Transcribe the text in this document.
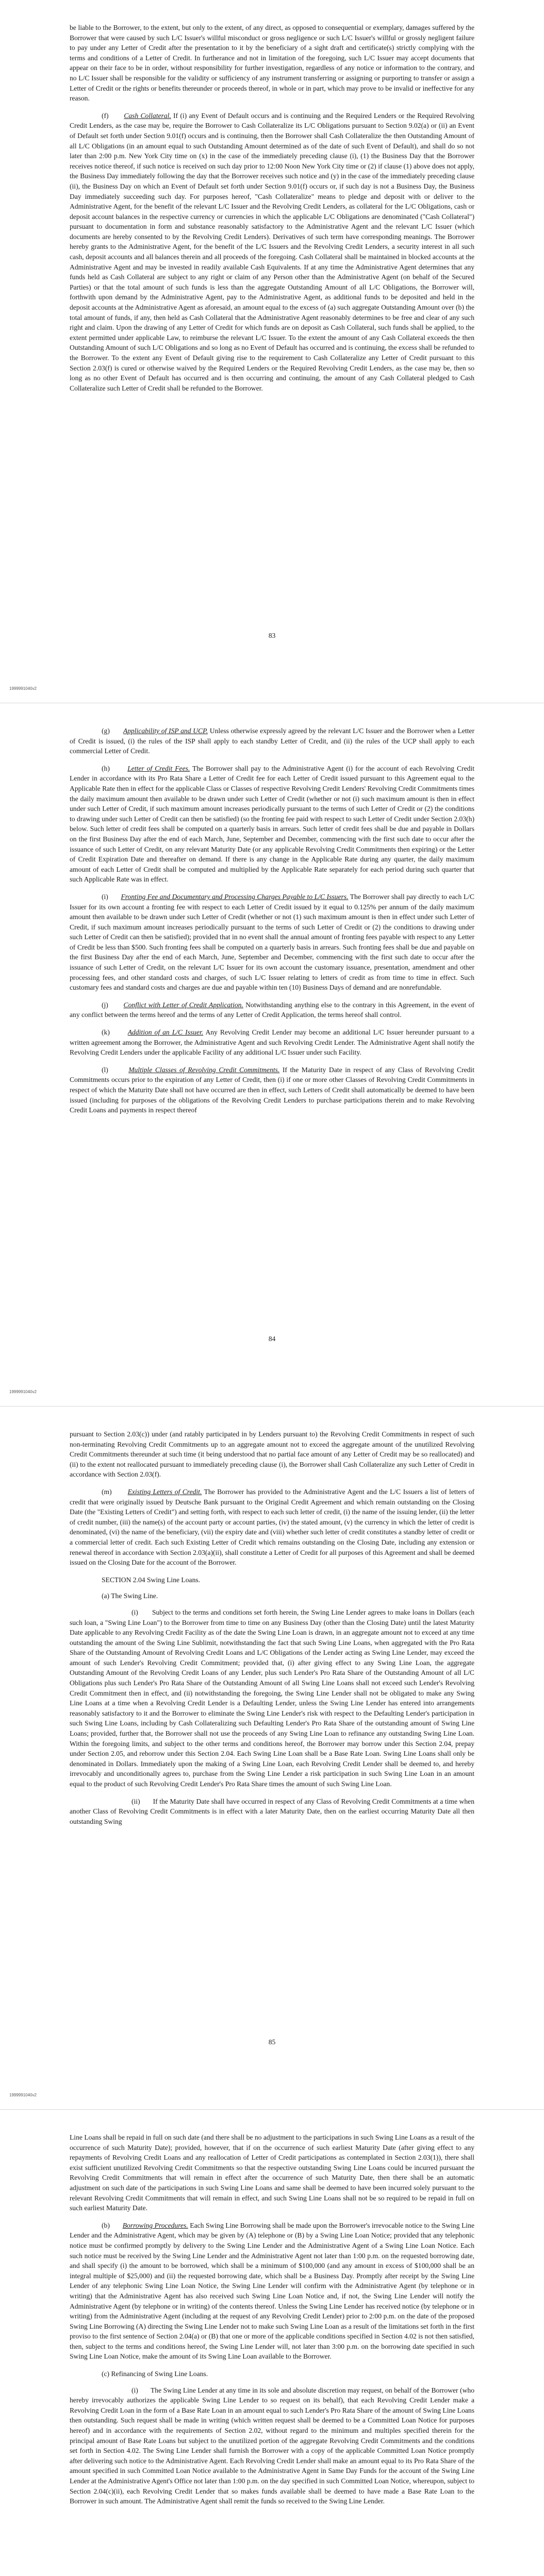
be liable to the Borrower, to the extent, but only to the extent, of any direct, as opposed to consequential or exemplary, damages suffered by the Borrower that were caused by such L/C Issuer's willful misconduct or gross negligence or such L/C Issuer's willful or grossly negligent failure to pay under any Letter of Credit after the presentation to it by the beneficiary of a sight draft and certificate(s) strictly complying with the terms and conditions of a Letter of Credit. In furtherance and not in limitation of the foregoing, such L/C Issuer may accept documents that appear on their face to be in order, without responsibility for further investigation, regardless of any notice or information to the contrary, and no L/C Issuer shall be responsible for the validity or sufficiency of any instrument transferring or assigning or purporting to transfer or assign a Letter of Credit or the rights or benefits thereunder or proceeds thereof, in whole or in part, which may prove to be invalid or ineffective for any reason.

(f) Cash Collateral. If (i) any Event of Default occurs and is continuing and the Required Lenders or the Required Revolving Credit Lenders, as the case may be, require the Borrower to Cash Collateralize its L/C Obligations pursuant to Section 9.02(a) or (ii) an Event of Default set forth under Section 9.01(f) occurs and is continuing, then the Borrower shall Cash Collateralize the then Outstanding Amount of all L/C Obligations (in an amount equal to such Outstanding Amount determined as of the date of such Event of Default), and shall do so not later than 2:00 p.m. New York City time on (x) in the case of the immediately preceding clause (i), (1) the Business Day that the Borrower receives notice thereof, if such notice is received on such day prior to 12:00 Noon New York City time or (2) if clause (1) above does not apply, the Business Day immediately following the day that the Borrower receives such notice and (y) in the case of the immediately preceding clause (ii), the Business Day on which an Event of Default set forth under Section 9.01(f) occurs or, if such day is not a Business Day, the Business Day immediately succeeding such day. For purposes hereof, "Cash Collateralize" means to pledge and deposit with or deliver to the Administrative Agent, for the benefit of the relevant L/C Issuer and the Revolving Credit Lenders, as collateral for the L/C Obligations, cash or deposit account balances in the respective currency or currencies in which the applicable L/C Obligations are denominated ("Cash Collateral") pursuant to documentation in form and substance reasonably satisfactory to the Administrative Agent and the relevant L/C Issuer (which documents are hereby consented to by the Revolving Credit Lenders). Derivatives of such term have corresponding meanings. The Borrower hereby grants to the Administrative Agent, for the benefit of the L/C Issuers and the Revolving Credit Lenders, a security interest in all such cash, deposit accounts and all balances therein and all proceeds of the foregoing. Cash Collateral shall be maintained in blocked accounts at the Administrative Agent and may be invested in readily available Cash Equivalents. If at any time the Administrative Agent determines that any funds held as Cash Collateral are subject to any right or claim of any Person other than the Administrative Agent (on behalf of the Secured Parties) or that the total amount of such funds is less than the aggregate Outstanding Amount of all L/C Obligations, the Borrower will, forthwith upon demand by the Administrative Agent, pay to the Administrative Agent, as additional funds to be deposited and held in the deposit accounts at the Administrative Agent as aforesaid, an amount equal to the excess of (a) such aggregate Outstanding Amount over (b) the total amount of funds, if any, then held as Cash Collateral that the Administrative Agent reasonably determines to be free and clear of any such right and claim. Upon the drawing of any Letter of Credit for which funds are on deposit as Cash Collateral, such funds shall be applied, to the extent permitted under applicable Law, to reimburse the relevant L/C Issuer. To the extent the amount of any Cash Collateral exceeds the then Outstanding Amount of such L/C Obligations and so long as no Event of Default has occurred and is continuing, the excess shall be refunded to the Borrower. To the extent any Event of Default giving rise to the requirement to Cash Collateralize any Letter of Credit pursuant to this Section 2.03(f) is cured or otherwise waived by the Required Lenders or the Required Revolving Credit Lenders, as the case may be, then so long as no other Event of Default has occurred and is then occurring and continuing, the amount of any Cash Collateral pledged to Cash Collateralize such Letter of Credit shall be refunded to the Borrower.

83
1999991040v2

(g) Applicability of ISP and UCP. Unless otherwise expressly agreed by the relevant L/C Issuer and the Borrower when a Letter of Credit is issued, (i) the rules of the ISP shall apply to each standby Letter of Credit, and (ii) the rules of the UCP shall apply to each commercial Letter of Credit.

(h)	Letter of Credit Fees. The Borrower shall pay to the Administrative Agent (i) for the account of each Revolving Credit Lender in accordance with its Pro Rata Share a Letter of Credit fee for each Letter of Credit issued pursuant to this Agreement equal to the Applicable Rate then in effect for the applicable Class or Classes of respective Revolving Credit Lenders' Revolving Credit Commitments times the daily maximum amount then available to be drawn under such Letter of Credit (whether or not (i) such maximum amount is then in effect under such Letter of Credit, if such maximum amount increases periodically pursuant to the terms of such Letter of Credit or (2) the conditions to drawing under such Letter of Credit can then be satisfied) (so the fronting fee paid with respect to such Letter of Credit under Section 2.03(h) below. Such letter of credit fees shall be computed on a quarterly basis in arrears. Such letter of credit fees shall be due and payable in Dollars on the first Business Day after the end of each March, June, September and December, commencing with the first such date to occur after the issuance of such Letter of Credit, on any relevant Maturity Date (or any applicable Revolving Credit Commitments then expiring) or the Letter of Credit Expiration Date and thereafter on demand. If there is any change in the Applicable Rate during any quarter, the daily maximum amount of each Letter of Credit shall be computed and multiplied by the Applicable Rate separately for each period during such quarter that such Applicable Rate was in effect.

(i) Fronting Fee and Documentary and Processing Charges Payable to L/C Issuers. The Borrower shall pay directly to each L/C Issuer for its own account a fronting fee with respect to each Letter of Credit issued by it equal to 0.125% per annum of the daily maximum amount then available to be drawn under such Letter of Credit (whether or not (1) such maximum amount is then in effect under such Letter of Credit, if such maximum amount increases periodically pursuant to the terms of such Letter of Credit or (2) the conditions to drawing under such Letter of Credit can then be satisfied); provided that in no event shall the annual amount of fronting fees payable with respect to any Letter of Credit be less than $500. Such fronting fees shall be computed on a quarterly basis in arrears. Such fronting fees shall be due and payable on the first Business Day after the end of each March, June, September and December, commencing with the first such date to occur after the issuance of such Letter of Credit, on the relevant L/C Issuer for its own account the customary issuance, presentation, amendment and other processing fees, and other standard costs and charges, of such L/C Issuer relating to letters of credit as from time to time in effect. Such customary fees and standard costs and charges are due and payable within ten (10) Business Days of demand and are nonrefundable.

(j) Conflict with Letter of Credit Application. Notwithstanding anything else to the contrary in this Agreement, in the event of any conflict between the terms hereof and the terms of any Letter of Credit Application, the terms hereof shall control.

(k)	Addition of an L/C Issuer. Any Revolving Credit Lender may become an additional L/C Issuer hereunder pursuant to a written agreement among the Borrower, the Administrative Agent and such Revolving Credit Lender. The Administrative Agent shall notify the Revolving Credit Lenders under the applicable Facility of any additional L/C Issuer under such Facility.

(l)	Multiple Classes of Revolving Credit Commitments. If the Maturity Date in respect of any Class of Revolving Credit Commitments occurs prior to the expiration of any Letter of Credit, then (i) if one or more other Classes of Revolving Credit Commitments in respect of which the Maturity Date shall not have occurred are then in effect, such Letters of Credit shall automatically be deemed to have been issued (including for purposes of the obligations of the Revolving Credit Lenders to purchase participations therein and to make Revolving Credit Loans and payments in respect thereof

84
1999991040v2

pursuant to Section 2.03(c)) under (and ratably participated in by Lenders pursuant to) the Revolving Credit Commitments in respect of such non-terminating Revolving Credit Commitments up to an aggregate amount not to exceed the aggregate amount of the unutilized Revolving Credit Commitments thereunder at such time (it being understood that no partial face amount of any Letter of Credit may be so reallocated) and (ii) to the extent not reallocated pursuant to immediately preceding clause (i), the Borrower shall Cash Collateralize any such Letter of Credit in accordance with Section 2.03(f).

(m) Existing Letters of Credit. The Borrower has provided to the Administrative Agent and the L/C Issuers a list of letters of credit that were originally issued by Deutsche Bank pursuant to the Original Credit Agreement and which remain outstanding on the Closing Date (the "Existing Letters of Credit") and setting forth, with respect to each such letter of credit, (i) the name of the issuing lender, (ii) the letter of credit number, (iii) the name(s) of the account party or account parties, (iv) the stated amount, (v) the currency in which the letter of credit is denominated, (vi) the name of the beneficiary, (vii) the expiry date and (viii) whether such letter of credit constitutes a standby letter of credit or a commercial letter of credit. Each such Existing Letter of Credit which remains outstanding on the Closing Date, including any extension or renewal thereof in accordance with Section 2.03(a)(ii), shall constitute a Letter of Credit for all purposes of this Agreement and shall be deemed issued on the Closing Date for the account of the Borrower.

SECTION 2.04 Swing Line Loans.

(a) The Swing Line.

(i) Subject to the terms and conditions set forth herein, the Swing Line Lender agrees to make loans in Dollars (each such loan, a "Swing Line Loan") to the Borrower from time to time on any Business Day (other than the Closing Date) until the latest Maturity Date applicable to any Revolving Credit Facility as of the date the Swing Line Loan is drawn, in an aggregate amount not to exceed at any time outstanding the amount of the Swing Line Sublimit, notwithstanding the fact that such Swing Line Loans, when aggregated with the Pro Rata Share of the Outstanding Amount of Revolving Credit Loans and L/C Obligations of the Lender acting as Swing Line Lender, may exceed the amount of such Lender's Revolving Credit Commitment; provided that, (i) after giving effect to any Swing Line Loan, the aggregate Outstanding Amount of the Revolving Credit Loans of any Lender, plus such Lender's Pro Rata Share of the Outstanding Amount of all L/C Obligations plus such Lender's Pro Rata Share of the Outstanding Amount of all Swing Line Loans shall not exceed such Lender's Revolving Credit Commitment then in effect, and (ii) notwithstanding the foregoing, the Swing Line Lender shall not be obligated to make any Swing Line Loans at a time when a Revolving Credit Lender is a Defaulting Lender, unless the Swing Line Lender has entered into arrangements reasonably satisfactory to it and the Borrower to eliminate the Swing Line Lender's risk with respect to the Defaulting Lender's participation in such Swing Line Loans, including by Cash Collateralizing such Defaulting Lender's Pro Rata Share of the outstanding amount of Swing Line Loans; provided, further that, the Borrower shall not use the proceeds of any Swing Line Loan to refinance any outstanding Swing Line Loan. Within the foregoing limits, and subject to the other terms and conditions hereof, the Borrower may borrow under this Section 2.04, prepay under Section 2.05, and reborrow under this Section 2.04. Each Swing Line Loan shall be a Base Rate Loan. Swing Line Loans shall only be denominated in Dollars. Immediately upon the making of a Swing Line Loan, each Revolving Credit Lender shall be deemed to, and hereby irrevocably and unconditionally agrees to, purchase from the Swing Line Lender a risk participation in such Swing Line Loan in an amount equal to the product of such Revolving Credit Lender's Pro Rata Share times the amount of such Swing Line Loan.

(ii) If the Maturity Date shall have occurred in respect of any Class of Revolving Credit Commitments at a time when another Class of Revolving Credit Commitments is in effect with a later Maturity Date, then on the earliest occurring Maturity Date all then outstanding Swing

85
1999991040v2

Line Loans shall be repaid in full on such date (and there shall be no adjustment to the participations in such Swing Line Loans as a result of the occurrence of such Maturity Date); provided, however, that if on the occurrence of such earliest Maturity Date (after giving effect to any repayments of Revolving Credit Loans and any reallocation of Letter of Credit participations as contemplated in Section 2.03(1)), there shall exist sufficient unutilized Revolving Credit Commitments so that the respective outstanding Swing Line Loans could be incurred pursuant the Revolving Credit Commitments that will remain in effect after the occurrence of such Maturity Date, then there shall be an automatic adjustment on such date of the participations in such Swing Line Loans and same shall be deemed to have been incurred solely pursuant to the relevant Revolving Credit Commitments that will remain in effect, and such Swing Line Loans shall not be so required to be repaid in full on such earliest Maturity Date.

(b) Borrowing Procedures. Each Swing Line Borrowing shall be made upon the Borrower's irrevocable notice to the Swing Line Lender and the Administrative Agent, which may be given by (A) telephone or (B) by a Swing Line Loan Notice; provided that any telephonic notice must be confirmed promptly by delivery to the Swing Line Lender and the Administrative Agent of a Swing Line Loan Notice. Each such notice must be received by the Swing Line Lender and the Administrative Agent not later than 1:00 p.m. on the requested borrowing date, and shall specify (i) the amount to be borrowed, which shall be a minimum of $100,000 (and any amount in excess of $100,000 shall be an integral multiple of $25,000) and (ii) the requested borrowing date, which shall be a Business Day. Promptly after receipt by the Swing Line Lender of any telephonic Swing Line Loan Notice, the Swing Line Lender will confirm with the Administrative Agent (by telephone or in writing) that the Administrative Agent has also received such Swing Line Loan Notice and, if not, the Swing Line Lender will notify the Administrative Agent (by telephone or in writing) of the contents thereof. Unless the Swing Line Lender has received notice (by telephone or in writing) from the Administrative Agent (including at the request of any Revolving Credit Lender) prior to 2:00 p.m. on the date of the proposed Swing Line Borrowing (A) directing the Swing Line Lender not to make such Swing Line Loan as a result of the limitations set forth in the first proviso to the first sentence of Section 2.04(a) or (B) that one or more of the applicable conditions specified in Section 4.02 is not then satisfied, then, subject to the terms and conditions hereof, the Swing Line Lender will, not later than 3:00 p.m. on the borrowing date specified in such Swing Line Loan Notice, make the amount of its Swing Line Loan available to the Borrower.

(c) Refinancing of Swing Line Loans.

(i) The Swing Line Lender at any time in its sole and absolute discretion may request, on behalf of the Borrower (who hereby irrevocably authorizes the applicable Swing Line Lender to so request on its behalf), that each Revolving Credit Lender make a Revolving Credit Loan in the form of a Base Rate Loan in an amount equal to such Lender's Pro Rata Share of the amount of Swing Line Loans then outstanding. Such request shall be made in writing (which written request shall be deemed to be a Committed Loan Notice for purposes hereof) and in accordance with the requirements of Section 2.02, without regard to the minimum and multiples specified therein for the principal amount of Base Rate Loans but subject to the unutilized portion of the aggregate Revolving Credit Commitments and the conditions set forth in Section 4.02. The Swing Line Lender shall furnish the Borrower with a copy of the applicable Committed Loan Notice promptly after delivering such notice to the Administrative Agent. Each Revolving Credit Lender shall make an amount equal to its Pro Rata Share of the amount specified in such Committed Loan Notice available to the Administrative Agent in Same Day Funds for the account of the Swing Line Lender at the Administrative Agent's Office not later than 1:00 p.m. on the day specified in such Committed Loan Notice, whereupon, subject to Section 2.04(c)(ii), each Revolving Credit Lender that so makes funds available shall be deemed to have made a Base Rate Loan to the Borrower in such amount. The Administrative Agent shall remit the funds so received to the Swing Line Lender.
